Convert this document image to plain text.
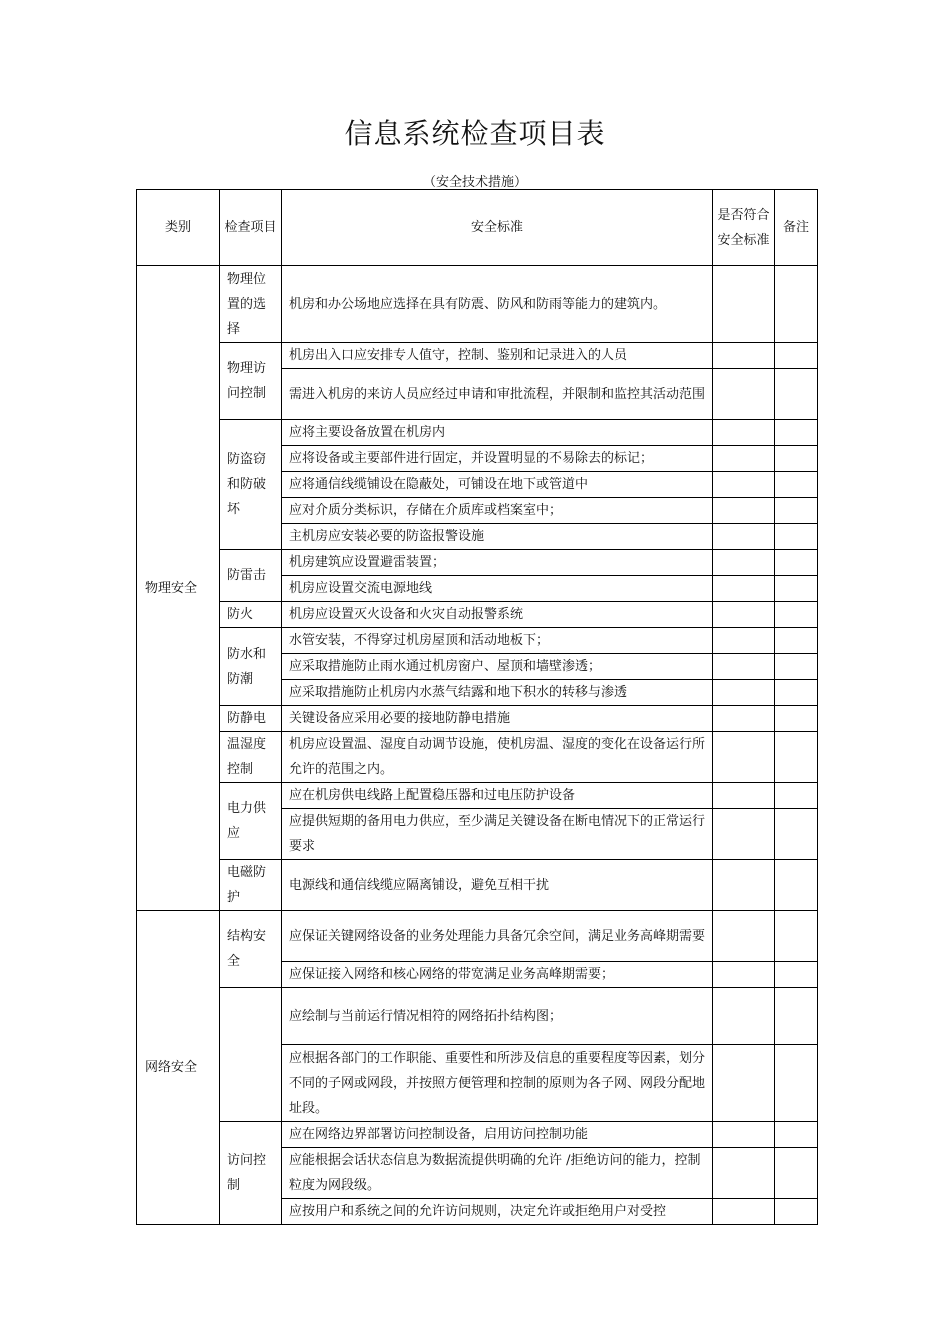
信息系统检查项目表
（安全技术措施）
类别	检查项目	安全标准	是否符合安全标准	备注
物理安全	物理位置的选择	机房和办公场地应选择在具有防震、防风和防雨等能力的建筑内。		
	物理访问控制	机房出入口应安排专人值守，控制、鉴别和记录进入的人员		
		需进入机房的来访人员应经过申请和审批流程，并限制和监控其活动范围		
	防盗窃和防破坏	应将主要设备放置在机房内		
		应将设备或主要部件进行固定，并设置明显的不易除去的标记；		
		应将通信线缆铺设在隐蔽处，可铺设在地下或管道中		
		应对介质分类标识，存储在介质库或档案室中；		
		主机房应安装必要的防盗报警设施		
	防雷击	机房建筑应设置避雷装置；		
		机房应设置交流电源地线		
	防火	机房应设置灭火设备和火灾自动报警系统		
	防水和防潮	水管安装，不得穿过机房屋顶和活动地板下；		
		应采取措施防止雨水通过机房窗户、屋顶和墙壁渗透；		
		应采取措施防止机房内水蒸气结露和地下积水的转移与渗透		
	防静电	关键设备应采用必要的接地防静电措施		
	温湿度控制	机房应设置温、湿度自动调节设施，使机房温、湿度的变化在设备运行所允许的范围之内。		
	电力供应	应在机房供电线路上配置稳压器和过电压防护设备		
		应提供短期的备用电力供应，至少满足关键设备在断电情况下的正常运行要求		
	电磁防护	电源线和通信线缆应隔离铺设，避免互相干扰		
网络安全	结构安全	应保证关键网络设备的业务处理能力具备冗余空间，满足业务高峰期需要		
		应保证接入网络和核心网络的带宽满足业务高峰期需要；		
		应绘制与当前运行情况相符的网络拓扑结构图；		
		应根据各部门的工作职能、重要性和所涉及信息的重要程度等因素，划分不同的子网或网段，并按照方便管理和控制的原则为各子网、网段分配地址段。		
	访问控制	应在网络边界部署访问控制设备，启用访问控制功能		
		应能根据会话状态信息为数据流提供明确的允许 /拒绝访问的能力，控制粒度为网段级。		
		应按用户和系统之间的允许访问规则，决定允许或拒绝用户对受控		
